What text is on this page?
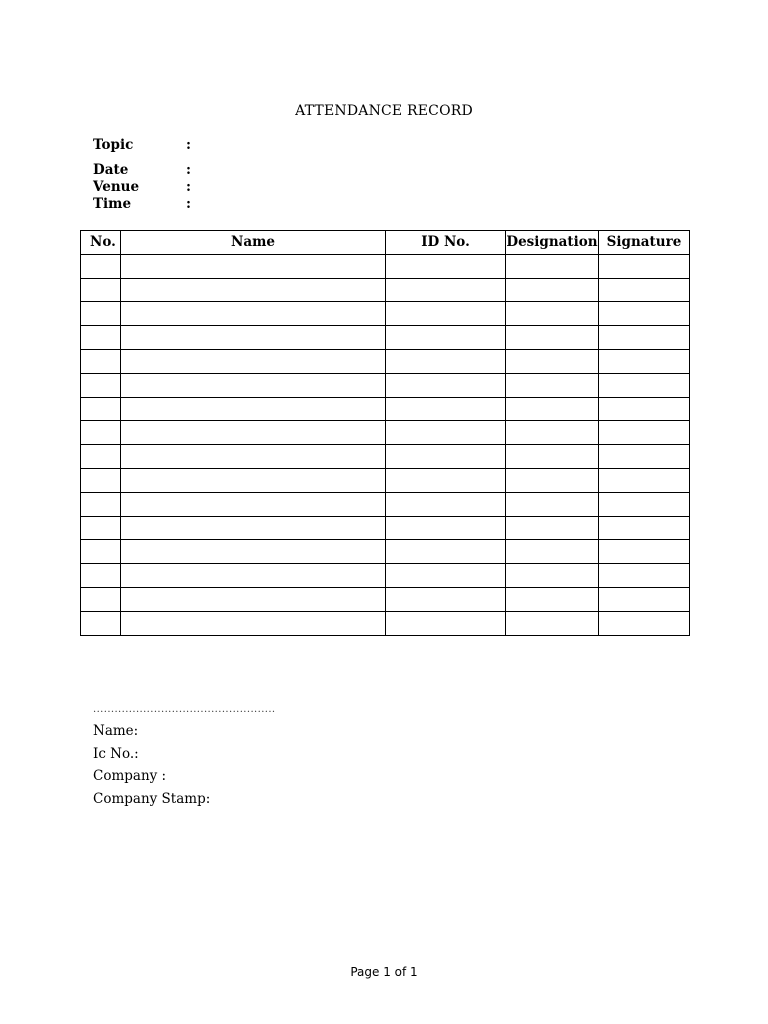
ATTENDANCE RECORD
Topic	:
Date	:
Venue	:
Time	:
No.	Name	ID No.	Designation	Signature

...................................................
Name:
Ic No.:
Company :
Company Stamp:
Page 1 of 1
